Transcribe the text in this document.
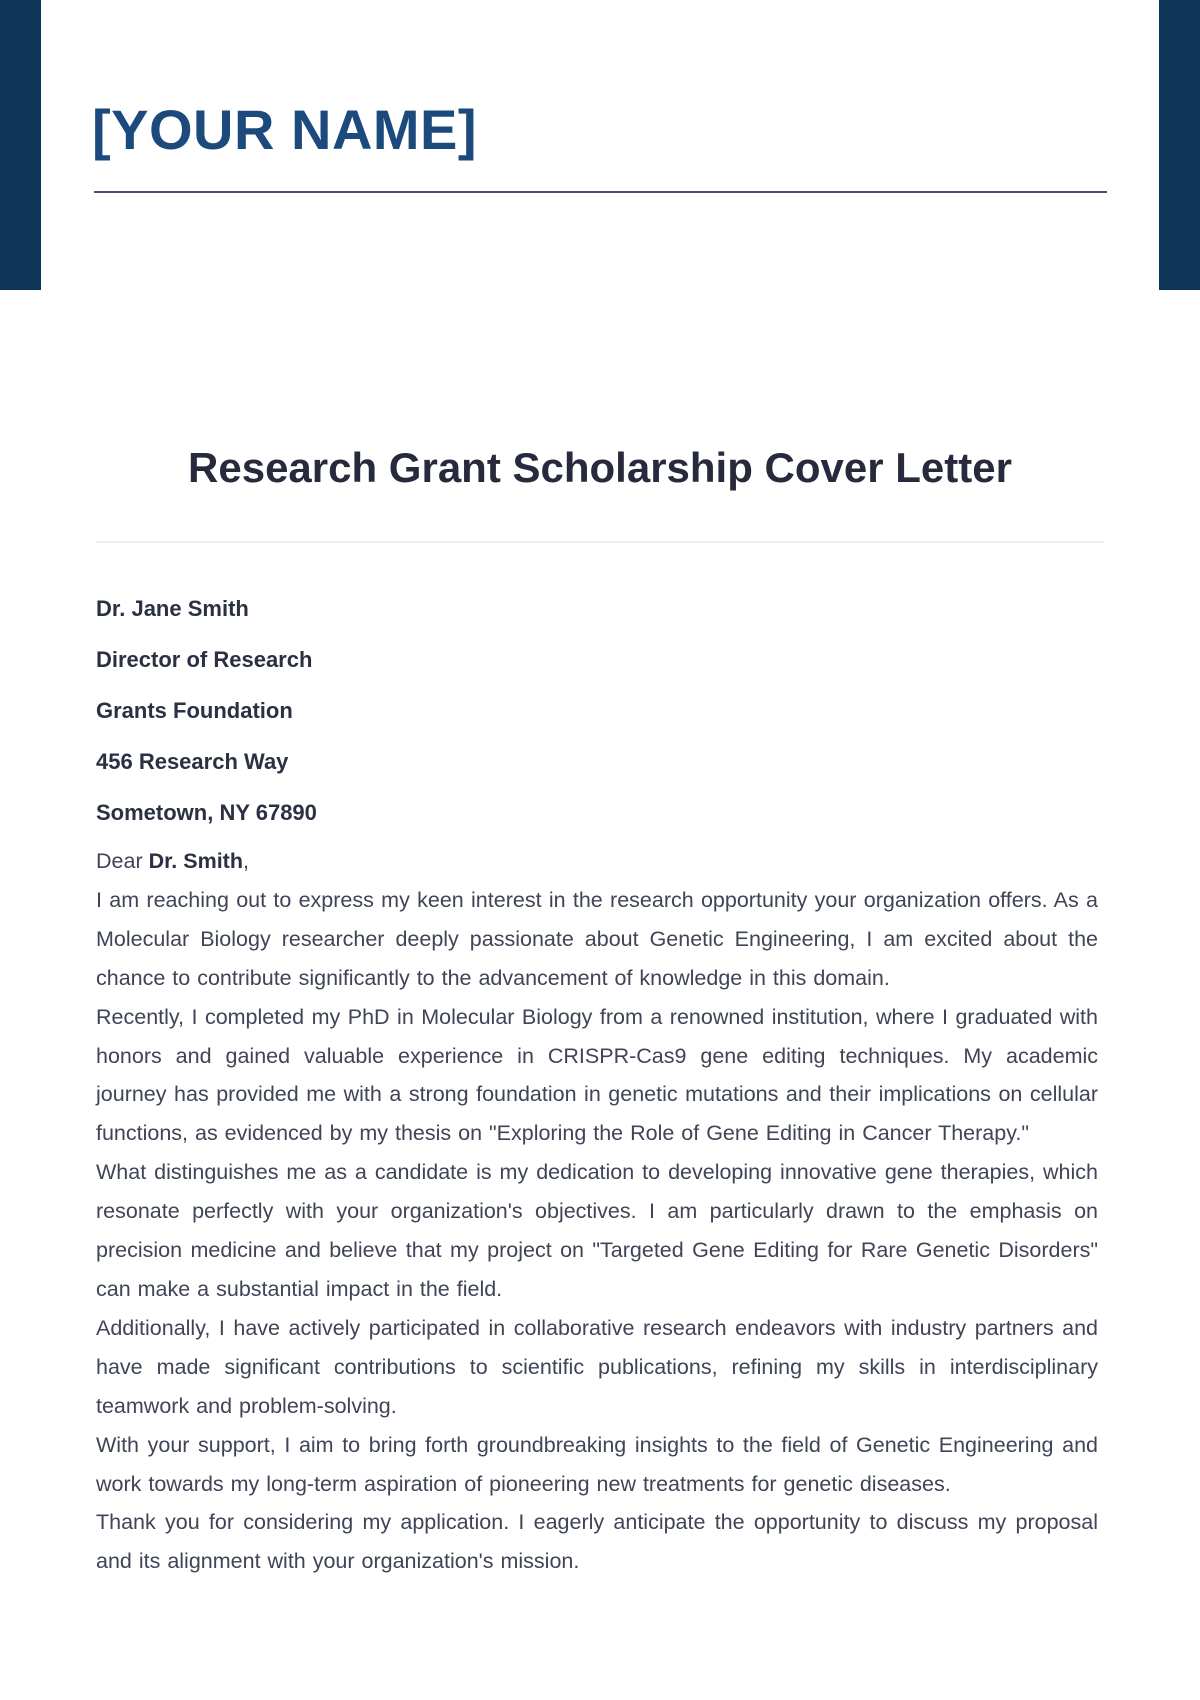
[YOUR NAME]
Research Grant Scholarship Cover Letter
Dr. Jane Smith
Director of Research
Grants Foundation
456 Research Way
Sometown, NY 67890

Dear Dr. Smith,

I am reaching out to express my keen interest in the research opportunity your organization offers. As a Molecular Biology researcher deeply passionate about Genetic Engineering, I am excited about the chance to contribute significantly to the advancement of knowledge in this domain.

Recently, I completed my PhD in Molecular Biology from a renowned institution, where I graduated with honors and gained valuable experience in CRISPR-Cas9 gene editing techniques. My academic journey has provided me with a strong foundation in genetic mutations and their implications on cellular functions, as evidenced by my thesis on "Exploring the Role of Gene Editing in Cancer Therapy."

What distinguishes me as a candidate is my dedication to developing innovative gene therapies, which resonate perfectly with your organization's objectives. I am particularly drawn to the emphasis on precision medicine and believe that my project on "Targeted Gene Editing for Rare Genetic Disorders" can make a substantial impact in the field.

Additionally, I have actively participated in collaborative research endeavors with industry partners and have made significant contributions to scientific publications, refining my skills in interdisciplinary teamwork and problem-solving.

With your support, I aim to bring forth groundbreaking insights to the field of Genetic Engineering and work towards my long-term aspiration of pioneering new treatments for genetic diseases.

Thank you for considering my application. I eagerly anticipate the opportunity to discuss my proposal and its alignment with your organization's mission.
